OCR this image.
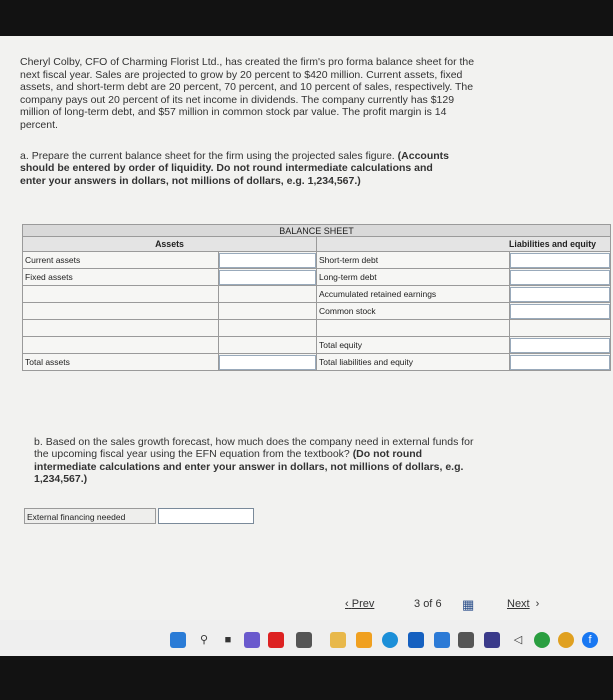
Cheryl Colby, CFO of Charming Florist Ltd., has created the firm's pro forma balance sheet for the next fiscal year. Sales are projected to grow by 20 percent to $420 million. Current assets, fixed assets, and short-term debt are 20 percent, 70 percent, and 10 percent of sales, respectively. The company pays out 20 percent of its net income in dividends. The company currently has $129 million of long-term debt, and $57 million in common stock par value. The profit margin is 14 percent.

a. Prepare the current balance sheet for the firm using the projected sales figure. (Accounts should be entered by order of liquidity. Do not round intermediate calculations and enter your answers in dollars, not millions of dollars, e.g. 1,234,567.)
BALANCE SHEET			
Assets		Liabilities and equity	
Current assets		Short-term debt	
Fixed assets		Long-term debt	
		Accumulated retained earnings	
		Common stock	

		Total equity	
Total assets		Total liabilities and equity	
b. Based on the sales growth forecast, how much does the company need in external funds for the upcoming fiscal year using the EFN equation from the textbook? (Do not round intermediate calculations and enter your answer in dollars, not millions of dollars, e.g. 1,234,567.)
External financing needed
‹ Prev	3 of 6 ▦	Next ›
⚲	■	◁	f
